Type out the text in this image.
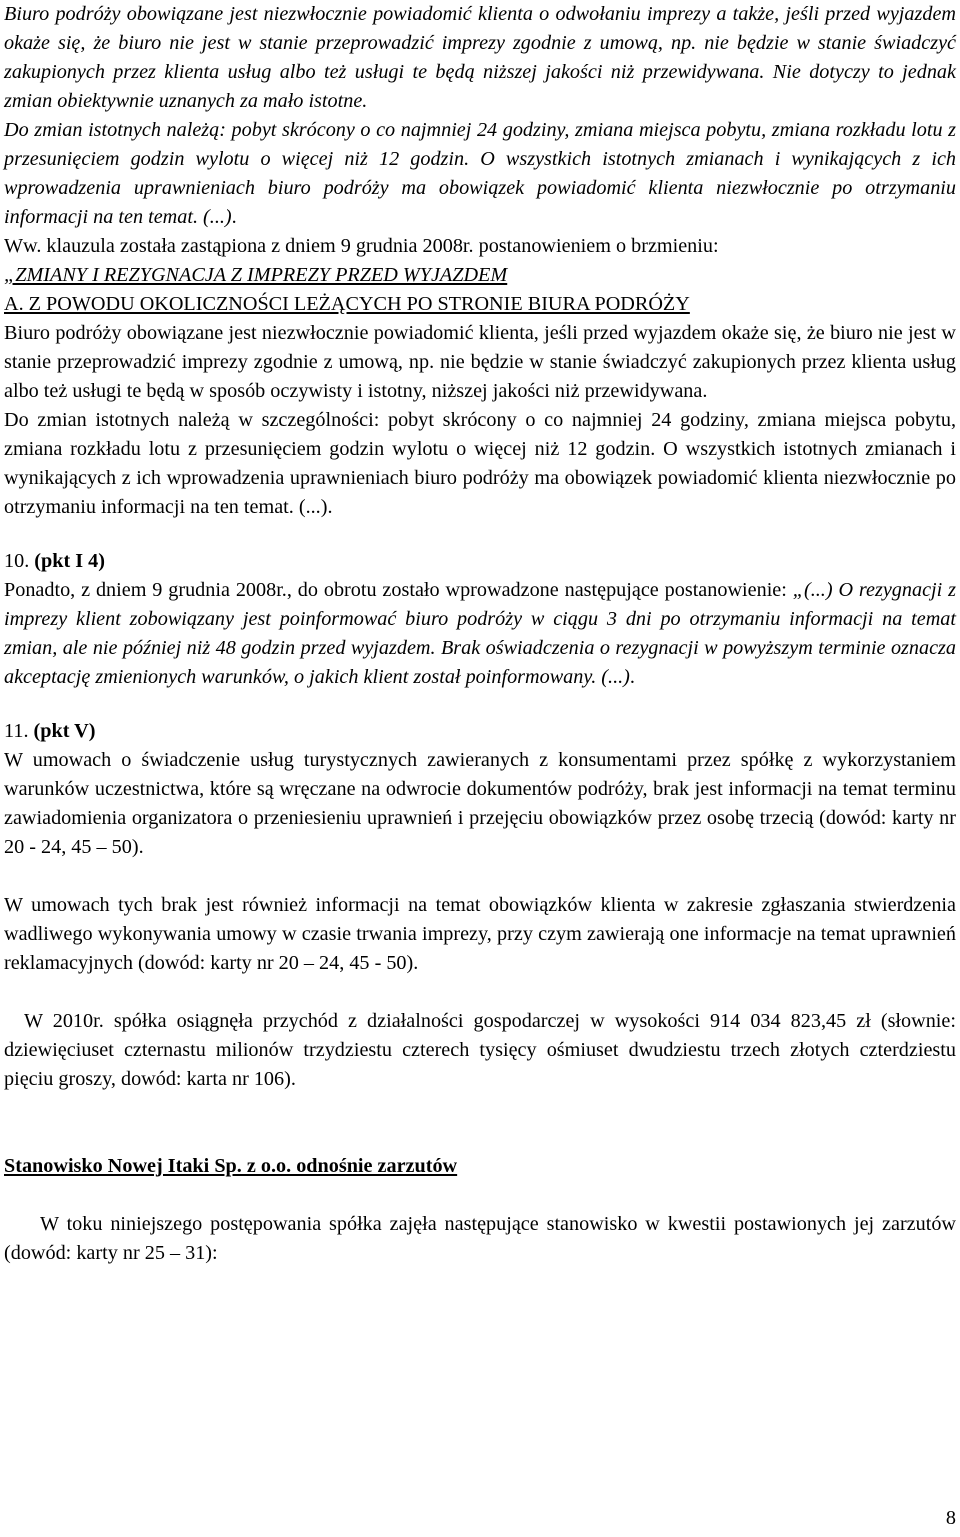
Biuro podróży obowiązane jest niezwłocznie powiadomić klienta o odwołaniu imprezy a także, jeśli przed wyjazdem okaże się, że biuro nie jest w stanie przeprowadzić imprezy zgodnie z umową, np. nie będzie w stanie świadczyć zakupionych przez klienta usług albo też usługi te będą niższej jakości niż przewidywana. Nie dotyczy to jednak zmian obiektywnie uznanych za mało istotne.

Do zmian istotnych należą: pobyt skrócony o co najmniej 24 godziny, zmiana miejsca pobytu, zmiana rozkładu lotu z przesunięciem godzin wylotu o więcej niż 12 godzin. O wszystkich istotnych zmianach i wynikających z ich wprowadzenia uprawnieniach biuro podróży ma obowiązek powiadomić klienta niezwłocznie po otrzymaniu informacji na ten temat. (...).

Ww. klauzula została zastąpiona z dniem 9 grudnia 2008r. postanowieniem o brzmieniu:

„ZMIANY I REZYGNACJA Z IMPREZY PRZED WYJAZDEM

A. Z POWODU OKOLICZNOŚCI LEŻĄCYCH PO STRONIE BIURA PODRÓŻY

Biuro podróży obowiązane jest niezwłocznie powiadomić klienta, jeśli przed wyjazdem okaże się, że biuro nie jest w stanie przeprowadzić imprezy zgodnie z umową, np. nie będzie w stanie świadczyć zakupionych przez klienta usług albo też usługi te będą w sposób oczywisty i istotny, niższej jakości niż przewidywana.

Do zmian istotnych należą w szczególności: pobyt skrócony o co najmniej 24 godziny, zmiana miejsca pobytu, zmiana rozkładu lotu z przesunięciem godzin wylotu o więcej niż 12 godzin. O wszystkich istotnych zmianach i wynikających z ich wprowadzenia uprawnieniach biuro podróży ma obowiązek powiadomić klienta niezwłocznie po otrzymaniu informacji na ten temat. (...).

10. (pkt I 4)

Ponadto, z dniem 9 grudnia 2008r., do obrotu zostało wprowadzone następujące postanowienie: „(...) O rezygnacji z imprezy klient zobowiązany jest poinformować biuro podróży w ciągu 3 dni po otrzymaniu informacji na temat zmian, ale nie później niż 48 godzin przed wyjazdem. Brak oświadczenia o rezygnacji w powyższym terminie oznacza akceptację zmienionych warunków, o jakich klient został poinformowany. (...).

11. (pkt V)

W umowach o świadczenie usług turystycznych zawieranych z konsumentami przez spółkę z wykorzystaniem warunków uczestnictwa, które są wręczane na odwrocie dokumentów podróży, brak jest informacji na temat terminu zawiadomienia organizatora o przeniesieniu uprawnień i przejęciu obowiązków przez osobę trzecią (dowód: karty nr 20 - 24, 45 – 50).

W umowach tych brak jest również informacji na temat obowiązków klienta w zakresie zgłaszania stwierdzenia wadliwego wykonywania umowy w czasie trwania imprezy, przy czym zawierają one informacje na temat uprawnień reklamacyjnych (dowód: karty nr 20 – 24, 45 - 50).

W 2010r. spółka osiągnęła przychód z działalności gospodarczej w wysokości 914 034 823,45 zł (słownie: dziewięciuset czternastu milionów trzydziestu czterech tysięcy ośmiuset dwudziestu trzech złotych czterdziestu pięciu groszy, dowód: karta nr 106).

Stanowisko Nowej Itaki Sp. z o.o. odnośnie zarzutów

W toku niniejszego postępowania spółka zajęła następujące stanowisko w kwestii postawionych jej zarzutów (dowód: karty nr 25 – 31):

8
